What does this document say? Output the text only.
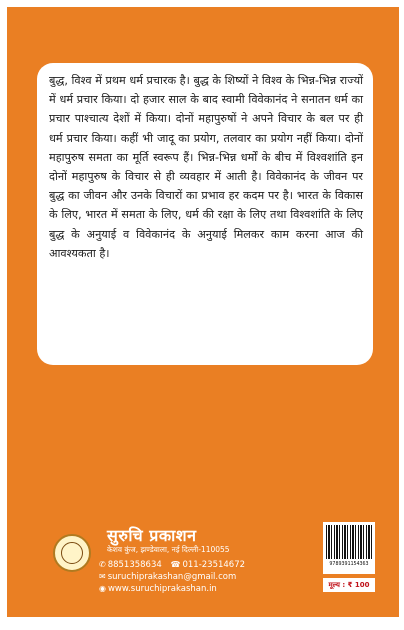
बुद्ध, विश्व में प्रथम धर्म प्रचारक है। बुद्ध के शिष्यों ने विश्व के भिन्न-भिन्न राज्यों में धर्म प्रचार किया। दो हजार साल के बाद स्वामी विवेकानंद ने सनातन धर्म का प्रचार पाश्चात्य देशों में किया। दोनों महापुरुषों ने अपने विचार के बल पर ही धर्म प्रचार किया। कहीं भी जादू का प्रयोग, तलवार का प्रयोग नहीं किया। दोनों महापुरुष समता का मूर्ति स्वरूप हैं। भिन्न-भिन्न धर्मों के बीच में विश्वशांति इन दोनों महापुरुष के विचार से ही व्यवहार में आती है। विवेकानंद के जीवन पर बुद्ध का जीवन और उनके विचारों का प्रभाव हर कदम पर है। भारत के विकास के लिए, भारत में समता के लिए, धर्म की रक्षा के लिए तथा विश्वशांति के लिए बुद्ध के अनुयाई व विवेकानंद के अनुयाई मिलकर काम करना आज की आवश्यकता है।

सुरुचि प्रकाशन
केशव कुंज, झण्डेवाला, नई दिल्ली-110055
✆ 8851358634 ☎ 011-23514672
✉ suruchiprakashan@gmail.com
◉ www.suruchiprakashan.in
9789391154363
मूल्य : ₹ 100
